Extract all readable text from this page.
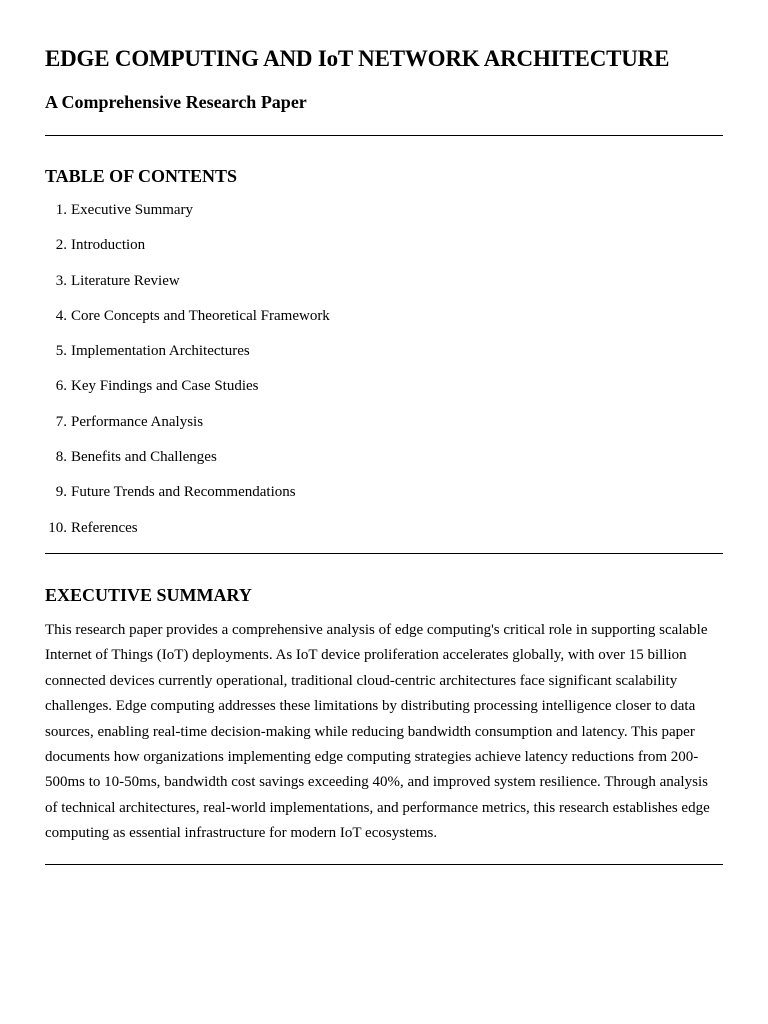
EDGE COMPUTING AND IoT NETWORK ARCHITECTURE
A Comprehensive Research Paper
TABLE OF CONTENTS
1. Executive Summary
2. Introduction
3. Literature Review
4. Core Concepts and Theoretical Framework
5. Implementation Architectures
6. Key Findings and Case Studies
7. Performance Analysis
8. Benefits and Challenges
9. Future Trends and Recommendations
10. References
EXECUTIVE SUMMARY

This research paper provides a comprehensive analysis of edge computing's critical role in supporting scalable Internet of Things (IoT) deployments. As IoT device proliferation accelerates globally, with over 15 billion connected devices currently operational, traditional cloud-centric architectures face significant scalability challenges. Edge computing addresses these limitations by distributing processing intelligence closer to data sources, enabling real-time decision-making while reducing bandwidth consumption and latency. This paper documents how organizations implementing edge computing strategies achieve latency reductions from 200-500ms to 10-50ms, bandwidth cost savings exceeding 40%, and improved system resilience. Through analysis of technical architectures, real-world implementations, and performance metrics, this research establishes edge computing as essential infrastructure for modern IoT ecosystems.
